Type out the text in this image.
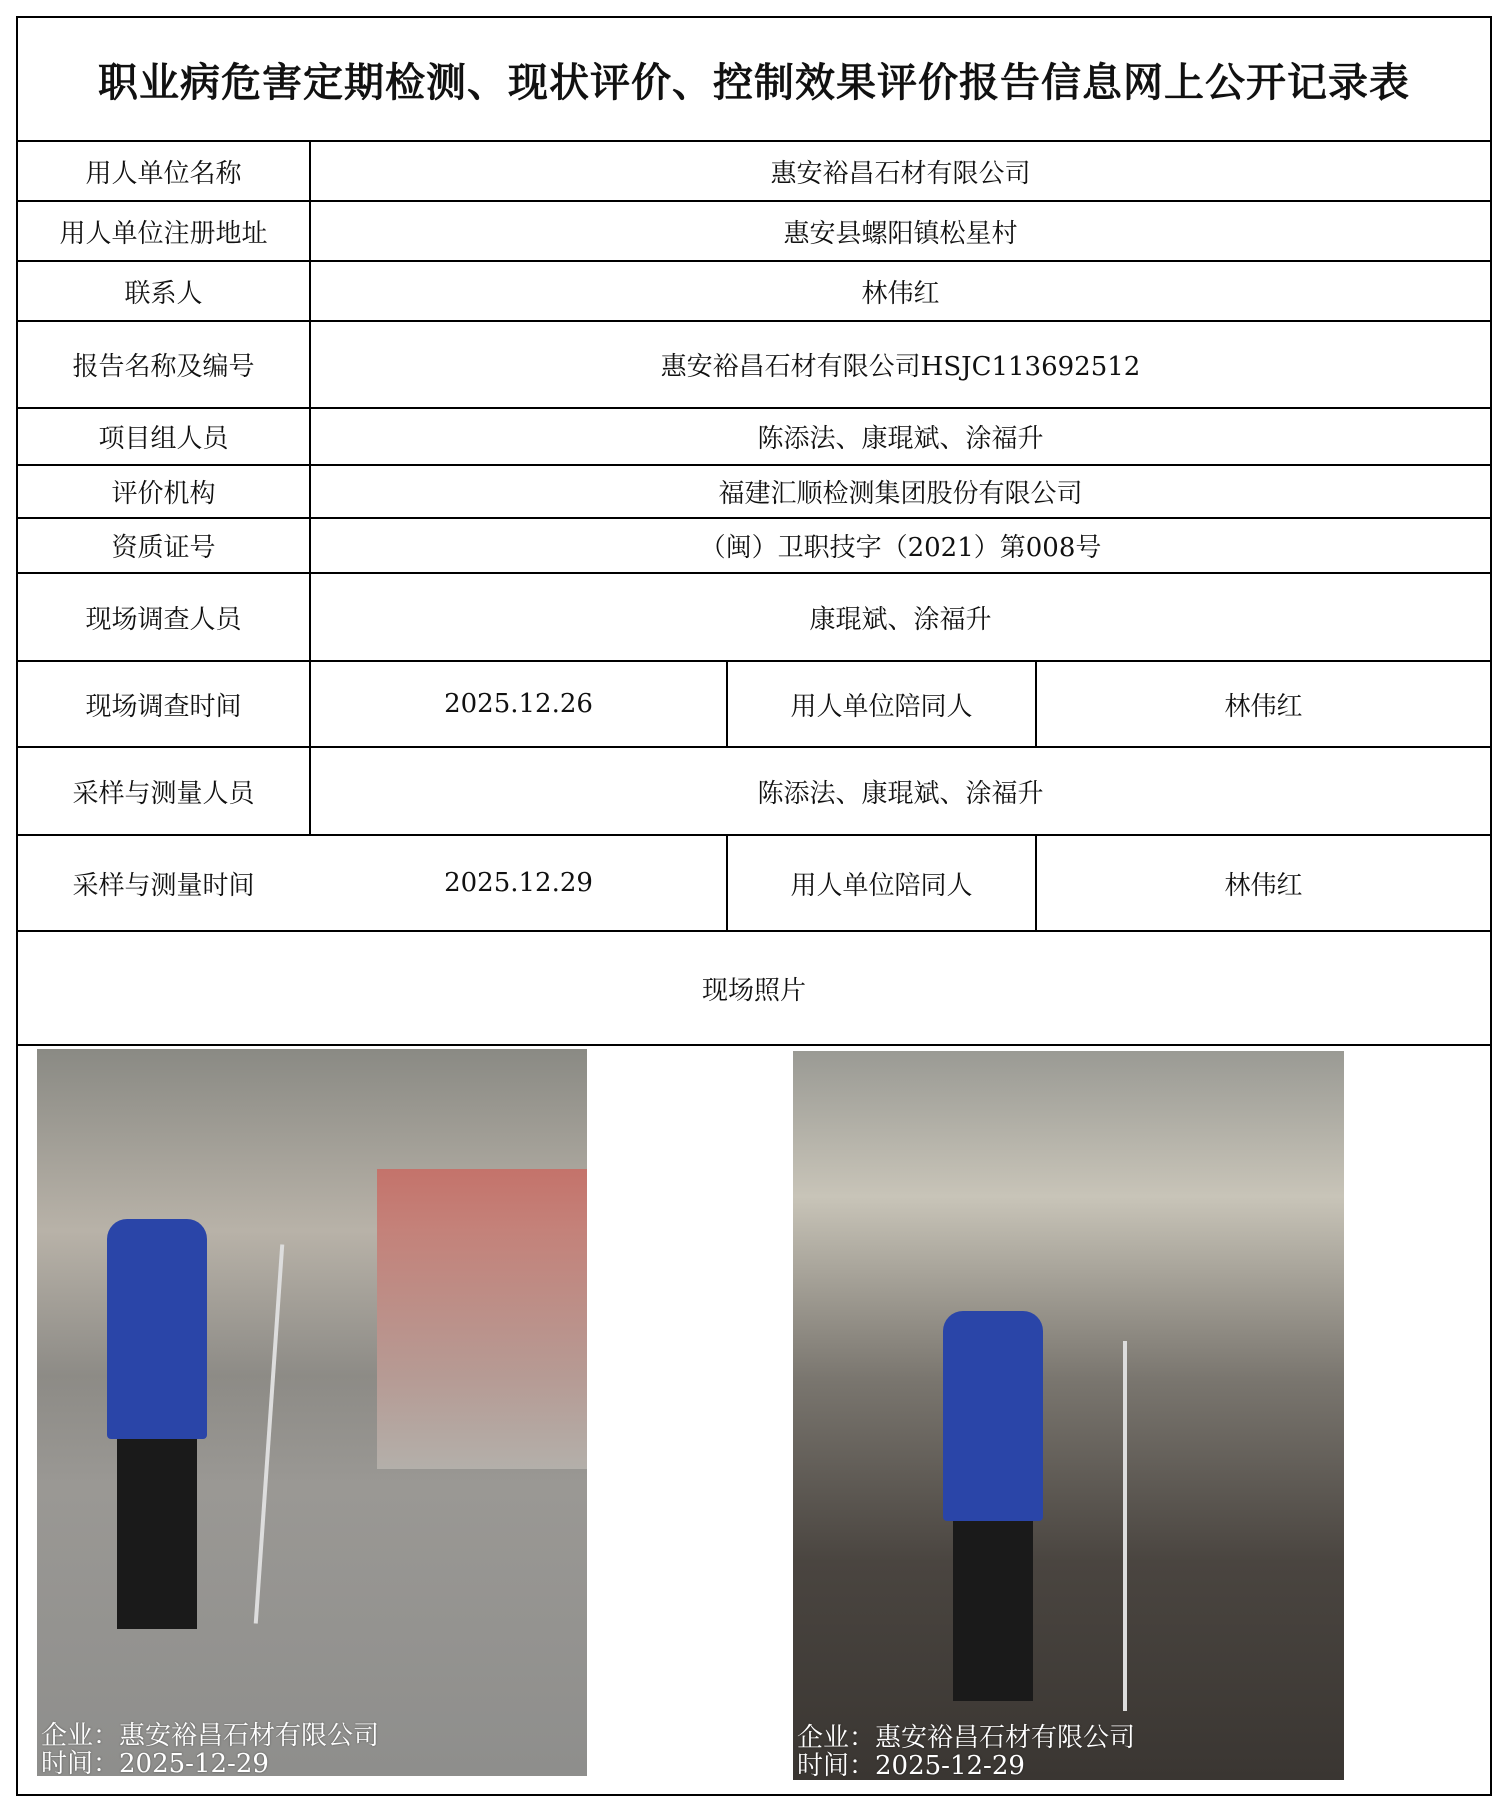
职业病危害定期检测、现状评价、控制效果评价报告信息网上公开记录表
用人单位名称	惠安裕昌石材有限公司
用人单位注册地址	惠安县螺阳镇松星村
联系人	林伟红
报告名称及编号	惠安裕昌石材有限公司HSJC113692512
项目组人员	陈添法、康琨斌、涂福升
评价机构	福建汇顺检测集团股份有限公司
资质证号	（闽）卫职技字（2021）第008号
现场调查人员	康琨斌、涂福升
现场调查时间	2025.12.26	用人单位陪同人	林伟红
采样与测量人员	陈添法、康琨斌、涂福升
采样与测量时间	2025.12.29	用人单位陪同人	林伟红
现场照片
企业：惠安裕昌石材有限公司
时间：2025-12-29
企业：惠安裕昌石材有限公司
时间：2025-12-29
